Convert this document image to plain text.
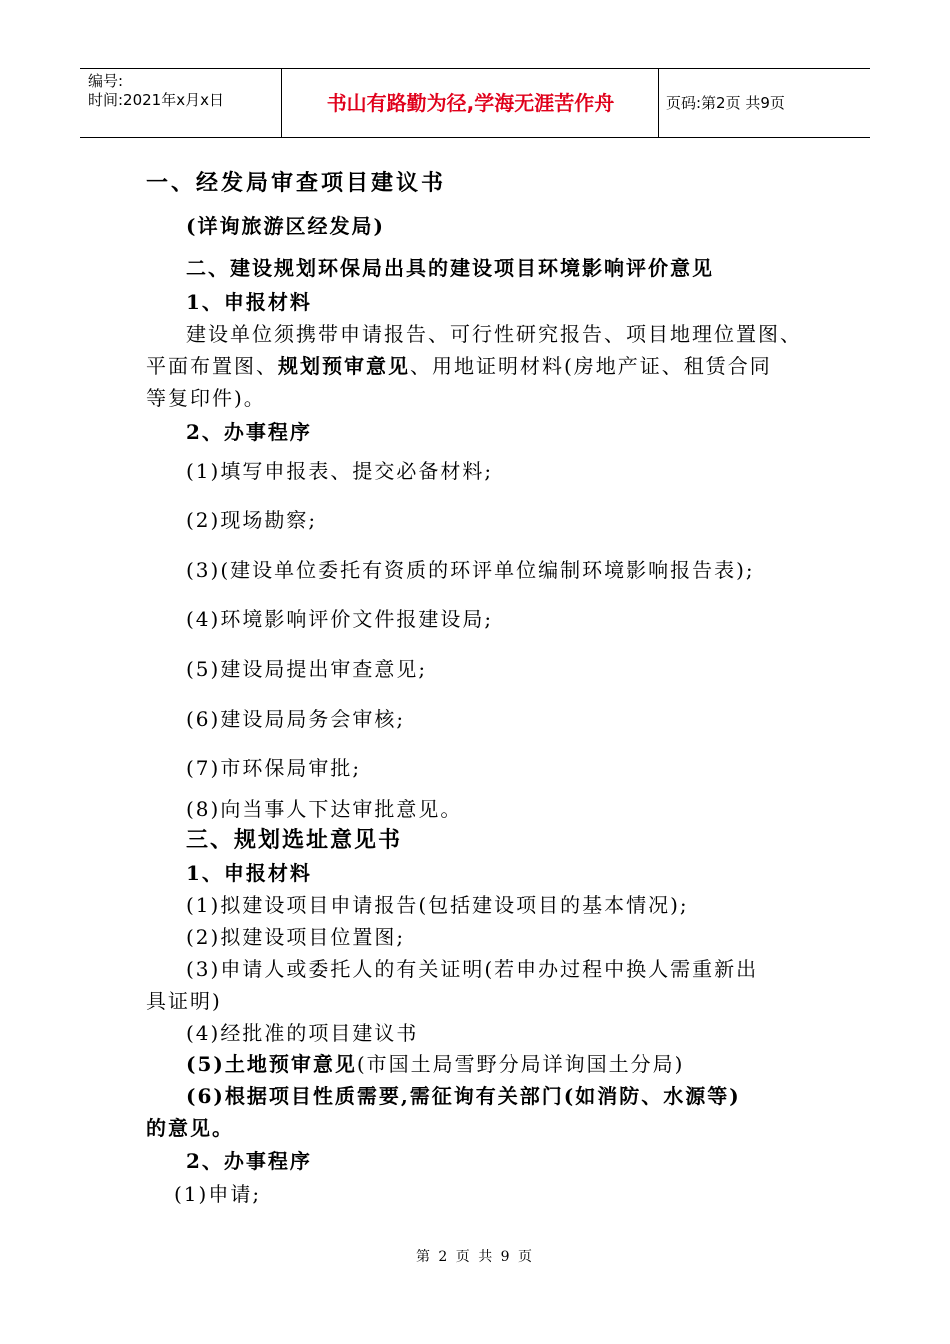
编号:
时间:2021年x月x日	书山有路勤为径,学海无涯苦作舟	页码:第2页 共9页
一、经发局审查项目建议书
(详询旅游区经发局)
二、建设规划环保局出具的建设项目环境影响评价意见
1、申报材料
建设单位须携带申请报告、可行性研究报告、项目地理位置图、
平面布置图、规划预审意见、用地证明材料(房地产证、租赁合同
等复印件)。
2、办事程序
(1)填写申报表、提交必备材料;
(2)现场勘察;
(3)(建设单位委托有资质的环评单位编制环境影响报告表);
(4)环境影响评价文件报建设局;
(5)建设局提出审查意见;
(6)建设局局务会审核;
(7)市环保局审批;
(8)向当事人下达审批意见。
三、规划选址意见书
1、申报材料
(1)拟建设项目申请报告(包括建设项目的基本情况);
(2)拟建设项目位置图;
(3)申请人或委托人的有关证明(若申办过程中换人需重新出
具证明)
(4)经批准的项目建议书
(5)土地预审意见(市国土局雪野分局详询国土分局)
(6)根据项目性质需要,需征询有关部门(如消防、水源等)
的意见。
2、办事程序
(1)申请;
第 2 页 共 9 页
